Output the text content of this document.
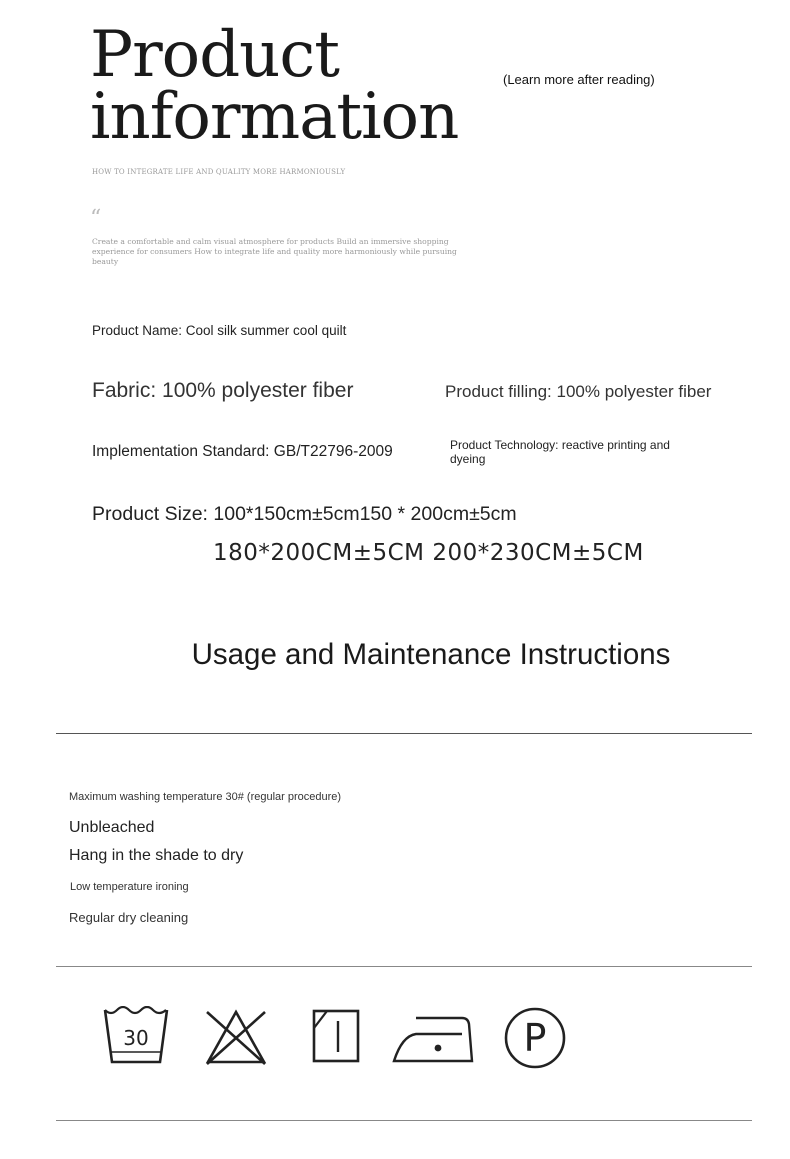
Product
information
(Learn more after reading)
HOW TO INTEGRATE LIFE AND QUALITY MORE HARMONIOUSLY
“
Create a comfortable and calm visual atmosphere for products Build an immersive shopping experience for consumers How to integrate life and quality more harmoniously while pursuing beauty
Product Name: Cool silk summer cool quilt
Fabric: 100% polyester fiber	Product filling: 100% polyester fiber
Implementation Standard: GB/T22796-2009	Product Technology: reactive printing and dyeing
Product Size: 100*150cm±5cm150 * 200cm±5cm
180*200CM±5CM 200*230CM±5CM
Usage and Maintenance Instructions
Maximum washing temperature 30# (regular procedure)
Unbleached
Hang in the shade to dry
Low temperature ironing
Regular dry cleaning
30	P
